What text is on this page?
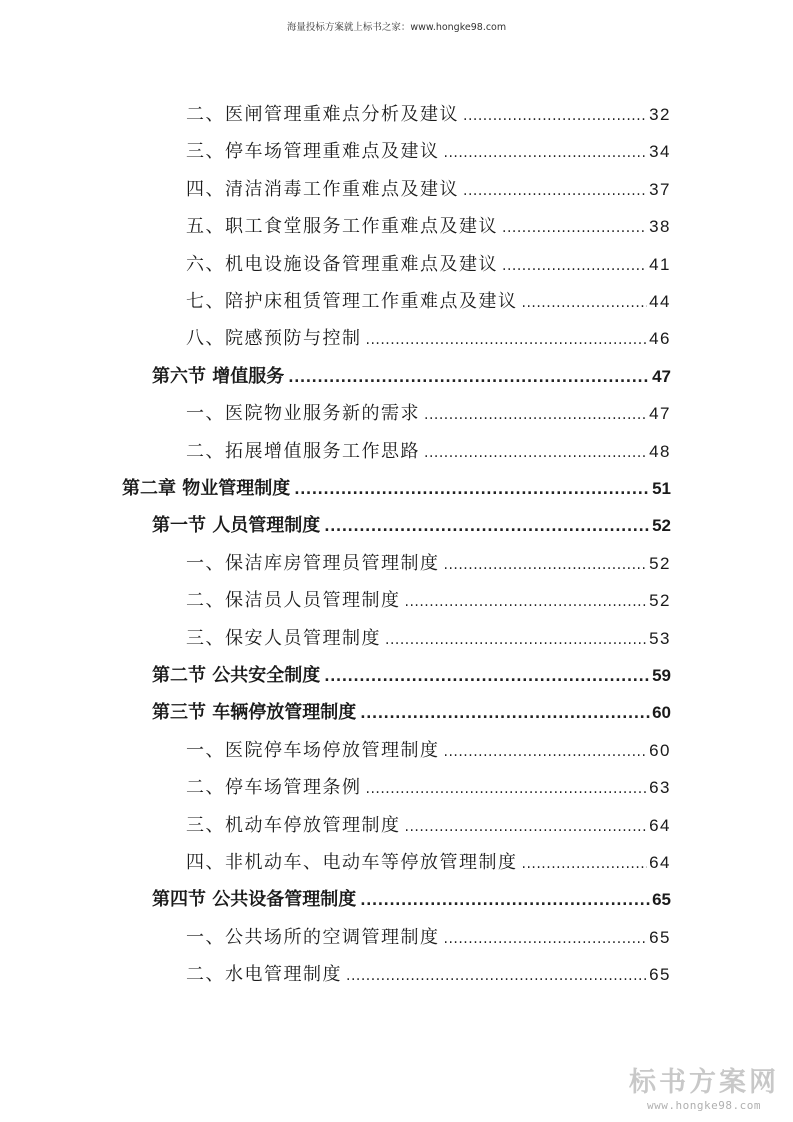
海量投标方案就上标书之家：www.hongke98.com
二、医闸管理重难点分析及建议 .....	32
三、停车场管理重难点及建议 .....	34
四、清洁消毒工作重难点及建议 .....	37
五、职工食堂服务工作重难点及建议 .....	38
六、机电设施设备管理重难点及建议 .....	41
七、陪护床租赁管理工作重难点及建议 .....	44
八、院感预防与控制 .....	46
第六节 增值服务 .....	47
一、医院物业服务新的需求 .....	47
二、拓展增值服务工作思路 .....	48
第二章 物业管理制度 .....	51
第一节 人员管理制度 .....	52
一、保洁库房管理员管理制度 .....	52
二、保洁员人员管理制度 .....	52
三、保安人员管理制度 .....	53
第二节 公共安全制度 .....	59
第三节 车辆停放管理制度 .....	60
一、医院停车场停放管理制度 .....	60
二、停车场管理条例 .....	63
三、机动车停放管理制度 .....	64
四、非机动车、电动车等停放管理制度 .....	64
第四节 公共设备管理制度 .....	65
一、公共场所的空调管理制度 .....	65
二、水电管理制度 .....	65
标书方案网
www.hongke98.com
